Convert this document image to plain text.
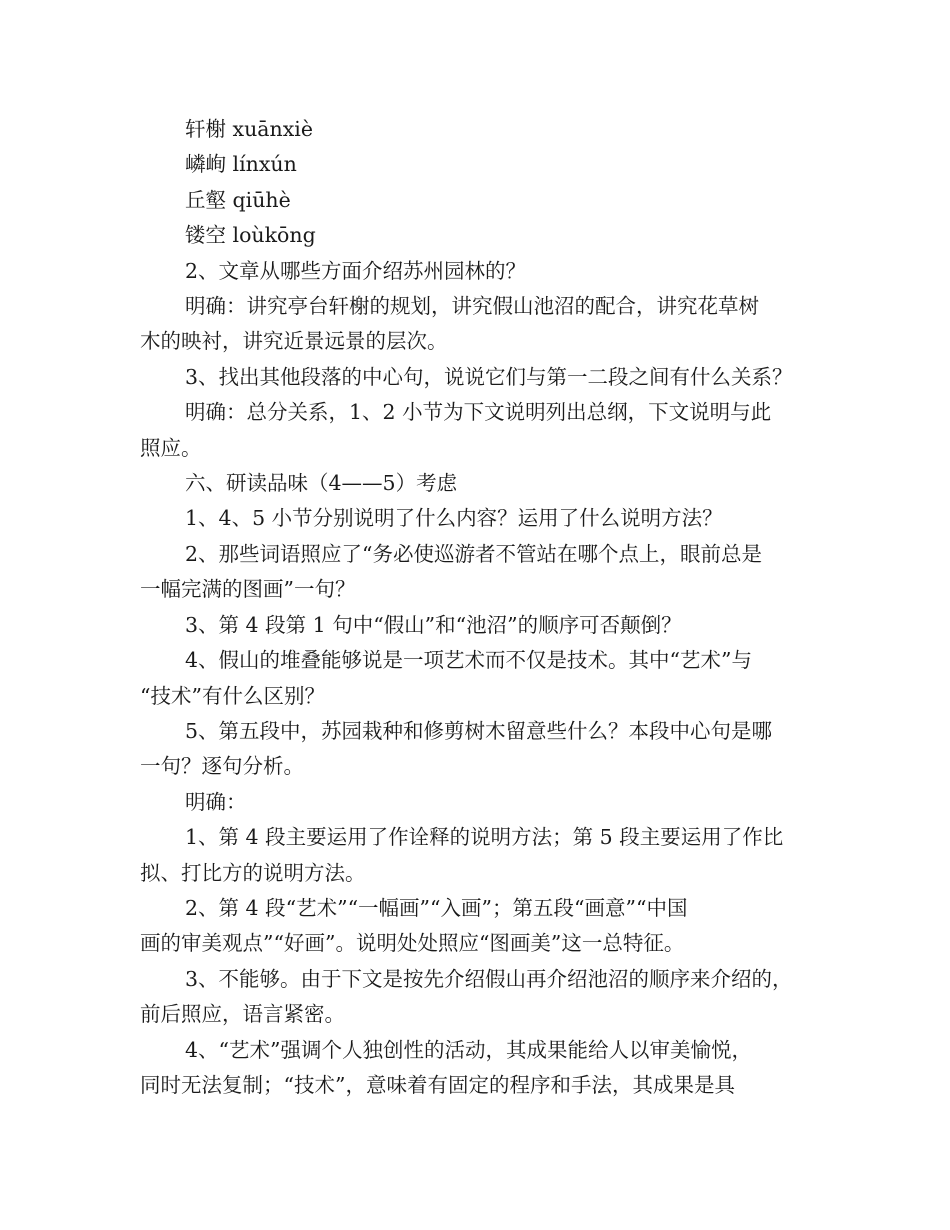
轩榭 xuānxiè
嶙峋 línxún
丘壑 qiūhè
镂空 loùkōng
2、文章从哪些方面介绍苏州园林的？
明确：讲究亭台轩榭的规划，讲究假山池沼的配合，讲究花草树
木的映衬，讲究近景远景的层次。
3、找出其他段落的中心句，说说它们与第一二段之间有什么关系？
明确：总分关系，1、2 小节为下文说明列出总纲，下文说明与此
照应。
六、研读品味（4——5）考虑
1、4、5 小节分别说明了什么内容？运用了什么说明方法？
2、那些词语照应了“务必使巡游者不管站在哪个点上，眼前总是
一幅完满的图画”一句？
3、第 4 段第 1 句中“假山”和“池沼”的顺序可否颠倒？
4、假山的堆叠能够说是一项艺术而不仅是技术。其中“艺术”与
“技术”有什么区别？
5、第五段中，苏园栽种和修剪树木留意些什么？本段中心句是哪
一句？逐句分析。
明确：
1、第 4 段主要运用了作诠释的说明方法；第 5 段主要运用了作比
拟、打比方的说明方法。
2、第 4 段“艺术”“一幅画”“入画”；第五段“画意”“中国
画的审美观点”“好画”。说明处处照应“图画美”这一总特征。
3、不能够。由于下文是按先介绍假山再介绍池沼的顺序来介绍的，
前后照应，语言紧密。
4、“艺术”强调个人独创性的活动，其成果能给人以审美愉悦，
同时无法复制；“技术”，意味着有固定的程序和手法，其成果是具
